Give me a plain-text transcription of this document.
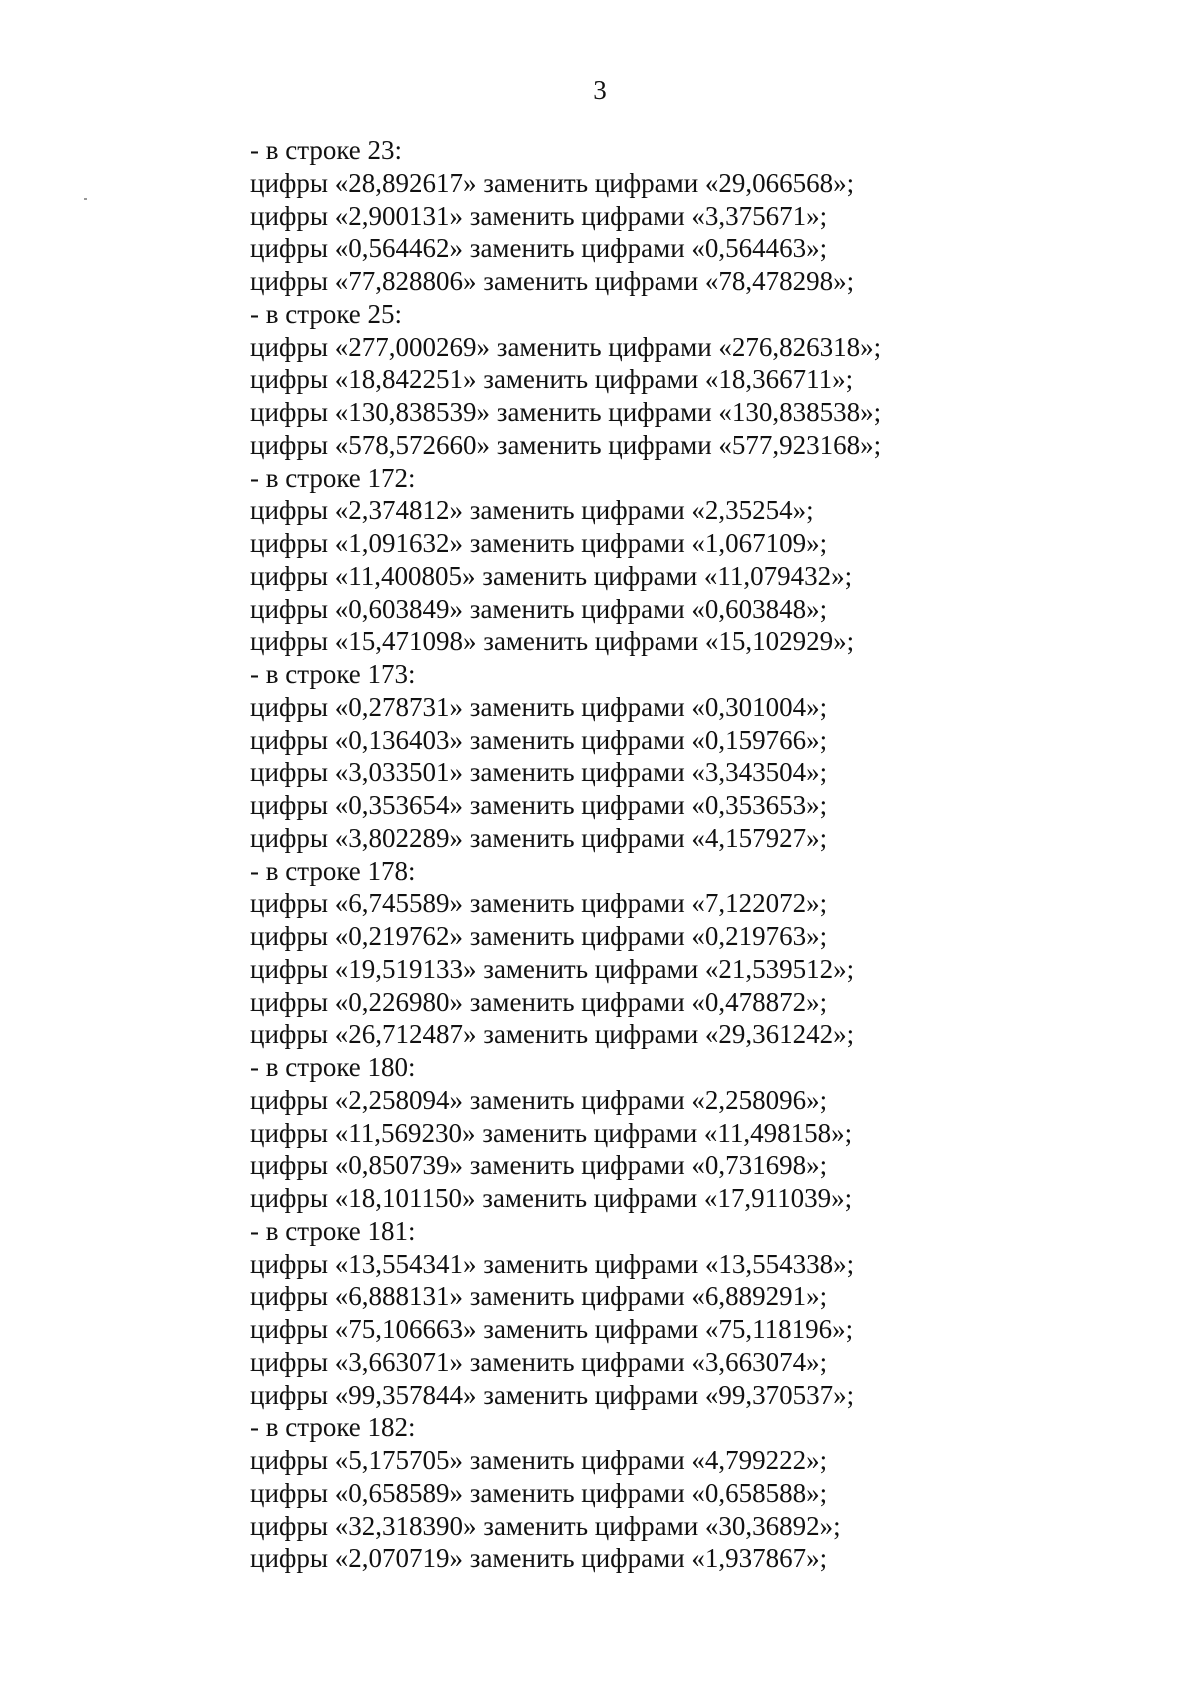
3
- в строке 23:
цифры «28,892617» заменить цифрами «29,066568»;
цифры «2,900131» заменить цифрами «3,375671»;
цифры «0,564462» заменить цифрами «0,564463»;
цифры «77,828806» заменить цифрами «78,478298»;
- в строке 25:
цифры «277,000269» заменить цифрами «276,826318»;
цифры «18,842251» заменить цифрами «18,366711»;
цифры «130,838539» заменить цифрами «130,838538»;
цифры «578,572660» заменить цифрами «577,923168»;
- в строке 172:
цифры «2,374812» заменить цифрами «2,35254»;
цифры «1,091632» заменить цифрами «1,067109»;
цифры «11,400805» заменить цифрами «11,079432»;
цифры «0,603849» заменить цифрами «0,603848»;
цифры «15,471098» заменить цифрами «15,102929»;
- в строке 173:
цифры «0,278731» заменить цифрами «0,301004»;
цифры «0,136403» заменить цифрами «0,159766»;
цифры «3,033501» заменить цифрами «3,343504»;
цифры «0,353654» заменить цифрами «0,353653»;
цифры «3,802289» заменить цифрами «4,157927»;
- в строке 178:
цифры «6,745589» заменить цифрами «7,122072»;
цифры «0,219762» заменить цифрами «0,219763»;
цифры «19,519133» заменить цифрами «21,539512»;
цифры «0,226980» заменить цифрами «0,478872»;
цифры «26,712487» заменить цифрами «29,361242»;
- в строке 180:
цифры «2,258094» заменить цифрами «2,258096»;
цифры «11,569230» заменить цифрами «11,498158»;
цифры «0,850739» заменить цифрами «0,731698»;
цифры «18,101150» заменить цифрами «17,911039»;
- в строке 181:
цифры «13,554341» заменить цифрами «13,554338»;
цифры «6,888131» заменить цифрами «6,889291»;
цифры «75,106663» заменить цифрами «75,118196»;
цифры «3,663071» заменить цифрами «3,663074»;
цифры «99,357844» заменить цифрами «99,370537»;
- в строке 182:
цифры «5,175705» заменить цифрами «4,799222»;
цифры «0,658589» заменить цифрами «0,658588»;
цифры «32,318390» заменить цифрами «30,36892»;
цифры «2,070719» заменить цифрами «1,937867»;
